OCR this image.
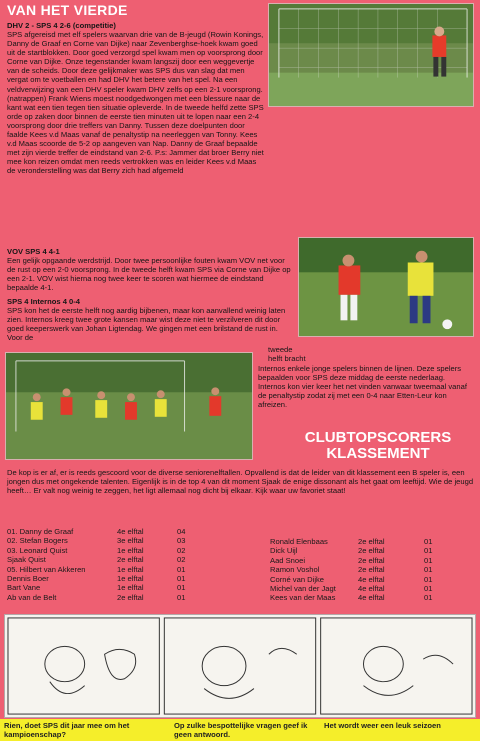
VAN HET VIERDE
DHV 2 - SPS 4 2-6 (competitie)
SPS afgereisd met elf spelers waarvan drie van de B-jeugd (Rowin Konings, Danny de Graaf en Corne van Dijke) naar Zevenberghse-hoek kwam goed uit de startblokken. Door goed verzorgd spel kwam men op voorsprong door Corne van Dijke. Onze tegenstander kwam langszij door een weggevertje van de scheids. Door deze gelijkmaker was SPS dus van slag dat men vergat om te voetballen en had DHV het betere van het spel. Na een veldverwijzing van een DHV speler kwam DHV zelfs op een 2-1 voorsprong. (natrappen) Frank Wiens moest noodgedwongen met een blessure naar de kant wat een tien tegen tien situatie opleverde. In de tweede helfd zette SPS orde op zaken door binnen de eerste tien minuten uit te lopen naar een 2-4 voorsprong door drie treffers van Danny. Tussen deze doelpunten door faalde Kees v.d Maas vanaf de penaltystip na neerleggen van Tonny. Kees v.d Maas scoorde de 5-2 op aangeven van Nap. Danny de Graaf bepaalde met zijn vierde treffer de eindstand van 2-6. P.s: Jammer dat broer Berry niet mee kon reizen omdat men reeds vertrokken was en leider Kees v.d Maas de veronderstelling was dat Berry zich had afgemeld
VOV SPS 4 4-1
Een gelijk opgaande werdstrijd. Door twee persoonlijke fouten kwam VOV net voor de rust op een 2-0 voorsprong. In de tweede helft kwam SPS via Corne van Dijke op een 2-1. VOV wist hierna nog twee keer te scoren wat hiermee de eindstand bepaalde 4-1.
SPS 4 Internos 4 0-4
SPS kon het de eerste helft nog aardig bijbenen, maar kon aanvallend weinig laten zien. Internos kreeg twee grote kansen maar wist deze niet te verzilveren dit door goed keeperswerk van Johan Ligtendag. We gingen met een brilstand de rust in. Voor de
tweede
helft bracht
Internos enkele jonge spelers binnen de lijnen. Deze spelers bepaalden voor SPS deze middag de eerste nederlaag. Internos kon vier keer het net vinden vanwaar tweemaal vanaf de penaltystip zodat zij met een 0-4 naar Etten-Leur kon afreizen.
CLUBTOPSCORERS
KLASSEMENT
De kop is er af, er is reeds gescoord voor de diverse seniorenelftallen. Opvallend is dat de leider van dit klassement een B speler is, een jongen dus met ongekende talenten. Eigenlijk is in de top 4 van dit moment Sjaak de enige dissonant als het gaat om leeftijd. Wie de jeugd heeft… Er valt nog weinig te zeggen, het ligt allemaal nog dicht bij elkaar. Kijk waar uw favoriet staat!
01. Danny de Graaf	4e elftal	04
02. Stefan Bogers	3e elftal	03
03. Leonard Quist	1e elftal	02
Sjaak Quist	2e elftal	02
05. Hilbert van Akkeren	1e elftal	01
Dennis Boer	1e elftal	01
Bart Vane	1e elftal	01
Ab van de Belt	2e elftal	01
Ronald Elenbaas	2e elftal	01
Dick Uijl	2e elftal	01
Aad Snoei	2e elftal	01
Ramon Voshol	2e elftal	01
Corné van Dijke	4e elftal	01
Michel van der Jagt	4e elftal	01
Kees van der Maas	4e elftal	01
Rien, doet SPS dit jaar mee om het kampioenschap?
Op zulke bespottelijke vragen geef ik geen antwoord.
Het wordt weer een leuk seizoen
